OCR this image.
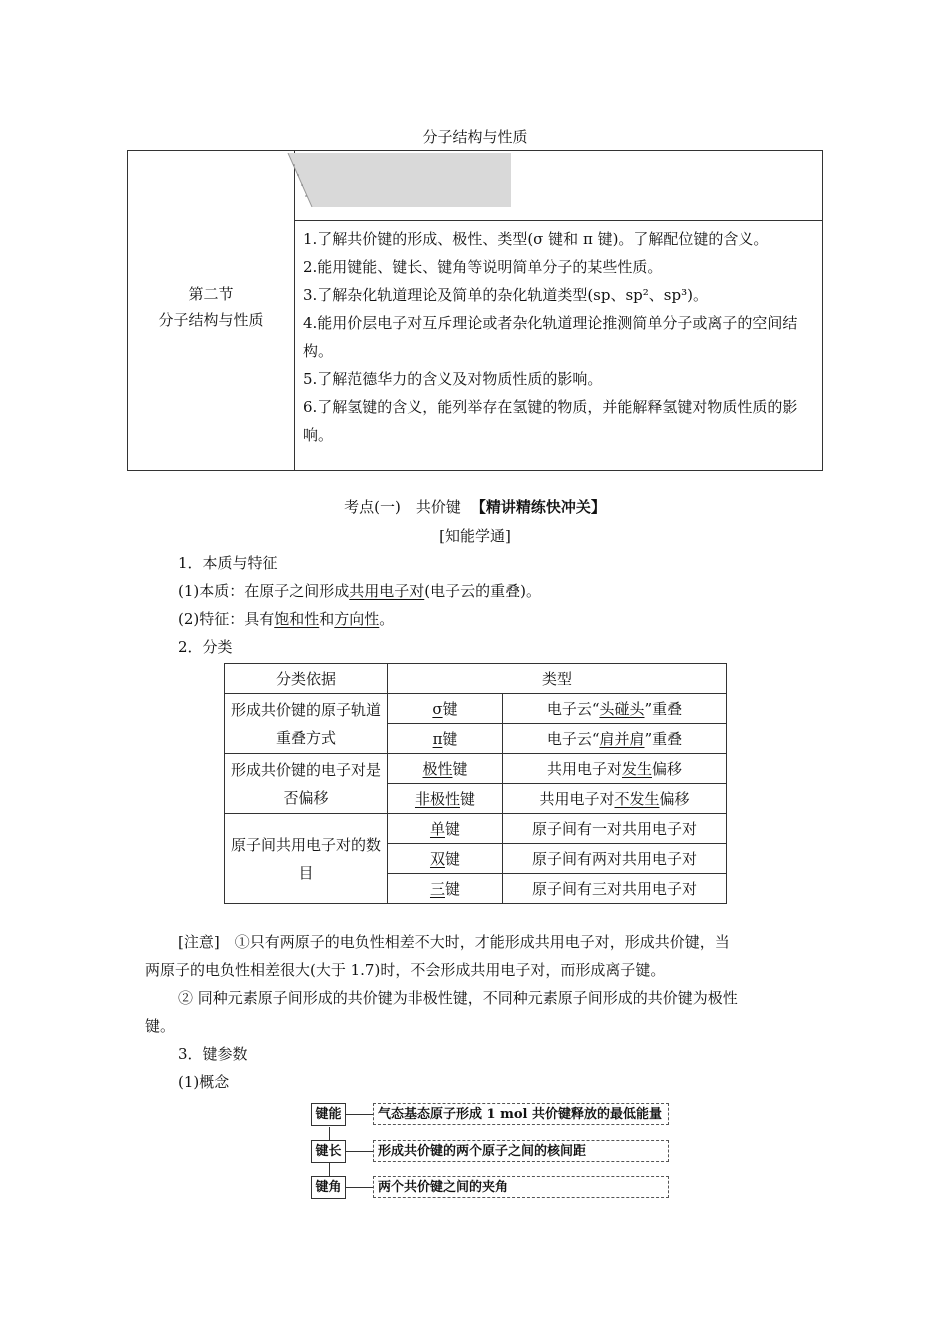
分子结构与性质
第二节
分子结构与性质

1.了解共价键的形成、极性、类型(σ 键和 π 键)。了解配位键的含义。

2.能用键能、键长、键角等说明简单分子的某些性质。

3.了解杂化轨道理论及简单的杂化轨道类型(sp、sp²、sp³)。

4.能用价层电子对互斥理论或者杂化轨道理论推测简单分子或离子的空间结构。

5.了解范德华力的含义及对物质性质的影响。

6.了解氢键的含义，能列举存在氢键的物质，并能解释氢键对物质性质的影响。

考点(一)　共价键 【精讲精练快冲关】
[知能学通]
1．本质与特征
(1)本质：在原子之间形成共用电子对(电子云的重叠)。
(2)特征：具有饱和性和方向性。
2．分类
分类依据	类型	
形成共价键的原子轨道重叠方式	σ键	电子云“头碰头”重叠
	π键	电子云“肩并肩”重叠
形成共价键的电子对是否偏移	极性键	共用电子对发生偏移
	非极性键	共用电子对不发生偏移
原子间共用电子对的数目	单键	原子间有一对共用电子对
	双键	原子间有两对共用电子对
	三键	原子间有三对共用电子对
[注意]　①只有两原子的电负性相差不大时，才能形成共用电子对，形成共价键，当
两原子的电负性相差很大(大于 1.7)时，不会形成共用电子对，而形成离子键。
② 同种元素原子间形成的共价键为非极性键，不同种元素原子间形成的共价键为极性
键。
3．键参数
(1)概念
键能	气态基态原子形成 1 mol 共价键释放的最低能量
键长	形成共价键的两个原子之间的核间距
键角	两个共价键之间的夹角
